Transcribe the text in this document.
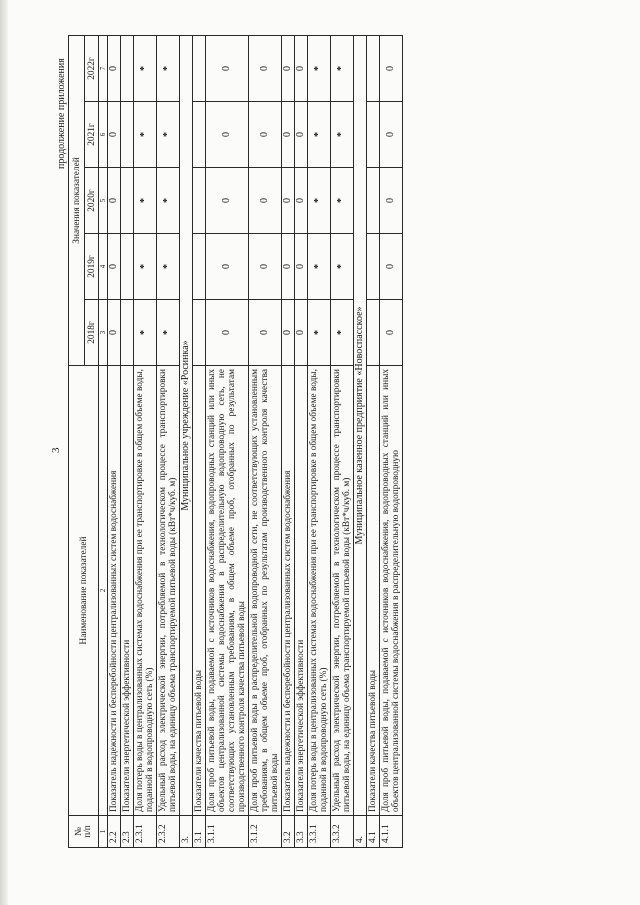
3
продолжение приложения
№
п/п	Наименование показателей	Значения показателей				
		2018г	2019г	2020г	2021г	2022г
1	2	3	4	5	6	7
2.2	Показатель надежности и бесперебойности централизованных систем водоснабжения	0	0	0	0	0
2.3	Показатели энергетической эффективности					
2.3.1	Доля потерь воды в централизованных системах водоснабжения при ее транспортировке в общем объеме воды, поданной в водопроводную сеть (%)	*	*	*	*	*
2.3.2	Удельный расход электрической энергии, потребляемой в технологическом процессе транспортировки питьевой воды, на единицу объема транспортируемой питьевой воды (кВт*ч/куб. м)	*	*	*	*	*
3.	Муниципальное учреждение «Росинка»					
3.1	Показатели качества питьевой воды					
3.1.1	Доля проб питьевой воды, подаваемой с источников водоснабжения, водопроводных станций или иных объектов централизованной системы водоснабжения в распределительную водопроводную сеть, не соответствующих установленным требованиям, в общем объеме проб, отобранных по результатам производственного контроля качества питьевой воды	0	0	0	0	0
3.1.2	Доля проб питьевой воды в распределительной водопроводной сети, не соответствующих установленным требованиям, в общем объеме проб, отобранных по результатам производственного контроля качества питьевой воды	0	0	0	0	0
3.2	Показатель надежности и бесперебойности централизованных систем водоснабжения	0	0	0	0	0
3.3	Показатели энергетической эффективности	0	0	0	0	0
3.3.1	Доля потерь воды в централизованных системах водоснабжения при ее транспортировке в общем объеме воды, поданной в водопроводную сеть (%)	*	*	*	*	*
3.3.2	Удельный расход электрической энергии, потребляемой в технологическом процессе транспортировки питьевой воды, на единицу объема транспортируемой питьевой воды (кВт*ч/куб. м)	*	*	*	*	*
4.	Муниципальное казенное предприятие «Новоспасское»					
4.1	Показатели качества питьевой воды					
4.1.1	Доля проб питьевой воды, подаваемой с источников водоснабжения, водопроводных станций или иных объектов централизованной системы водоснабжения в распределительную водопроводную	0	0	0	0	0
